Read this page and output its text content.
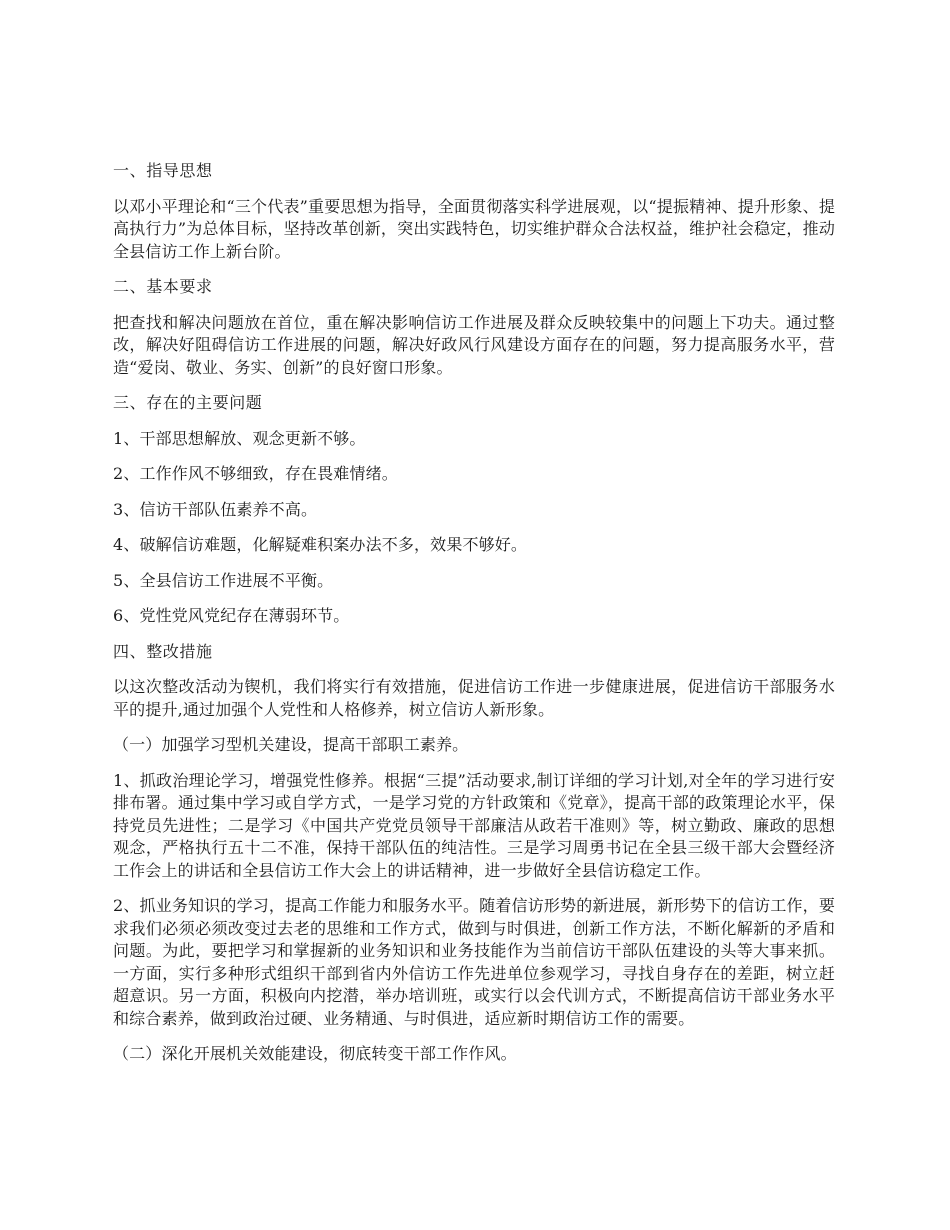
一、指导思想

以邓小平理论和“三个代表”重要思想为指导，全面贯彻落实科学进展观，以“提振精神、提升形象、提高执行力”为总体目标，坚持改革创新，突出实践特色，切实维护群众合法权益，维护社会稳定，推动全县信访工作上新台阶。

二、基本要求

把查找和解决问题放在首位，重在解决影响信访工作进展及群众反映较集中的问题上下功夫。通过整改，解决好阻碍信访工作进展的问题，解决好政风行风建设方面存在的问题，努力提高服务水平，营造“爱岗、敬业、务实、创新”的良好窗口形象。

三、存在的主要问题

1、干部思想解放、观念更新不够。

2、工作作风不够细致，存在畏难情绪。

3、信访干部队伍素养不高。

4、破解信访难题，化解疑难积案办法不多，效果不够好。

5、全县信访工作进展不平衡。

6、党性党风党纪存在薄弱环节。

四、整改措施

以这次整改活动为锲机，我们将实行有效措施，促进信访工作进一步健康进展，促进信访干部服务水平的提升,通过加强个人党性和人格修养，树立信访人新形象。

（一）加强学习型机关建设，提高干部职工素养。

1、抓政治理论学习，增强党性修养。根据“三提”活动要求,制订详细的学习计划,对全年的学习进行安排布署。通过集中学习或自学方式，一是学习党的方针政策和《党章》，提高干部的政策理论水平，保持党员先进性；二是学习《中国共产党党员领导干部廉洁从政若干准则》等，树立勤政、廉政的思想观念，严格执行五十二不准，保持干部队伍的纯洁性。三是学习周勇书记在全县三级干部大会暨经济工作会上的讲话和全县信访工作大会上的讲话精神，进一步做好全县信访稳定工作。

2、抓业务知识的学习，提高工作能力和服务水平。随着信访形势的新进展，新形势下的信访工作，要求我们必须必须改变过去老的思维和工作方式，做到与时俱进，创新工作方法，不断化解新的矛盾和问题。为此，要把学习和掌握新的业务知识和业务技能作为当前信访干部队伍建设的头等大事来抓。一方面，实行多种形式组织干部到省内外信访工作先进单位参观学习，寻找自身存在的差距，树立赶超意识。另一方面，积极向内挖潜，举办培训班，或实行以会代训方式，不断提高信访干部业务水平和综合素养，做到政治过硬、业务精通、与时俱进，适应新时期信访工作的需要。

（二）深化开展机关效能建设，彻底转变干部工作作风。
